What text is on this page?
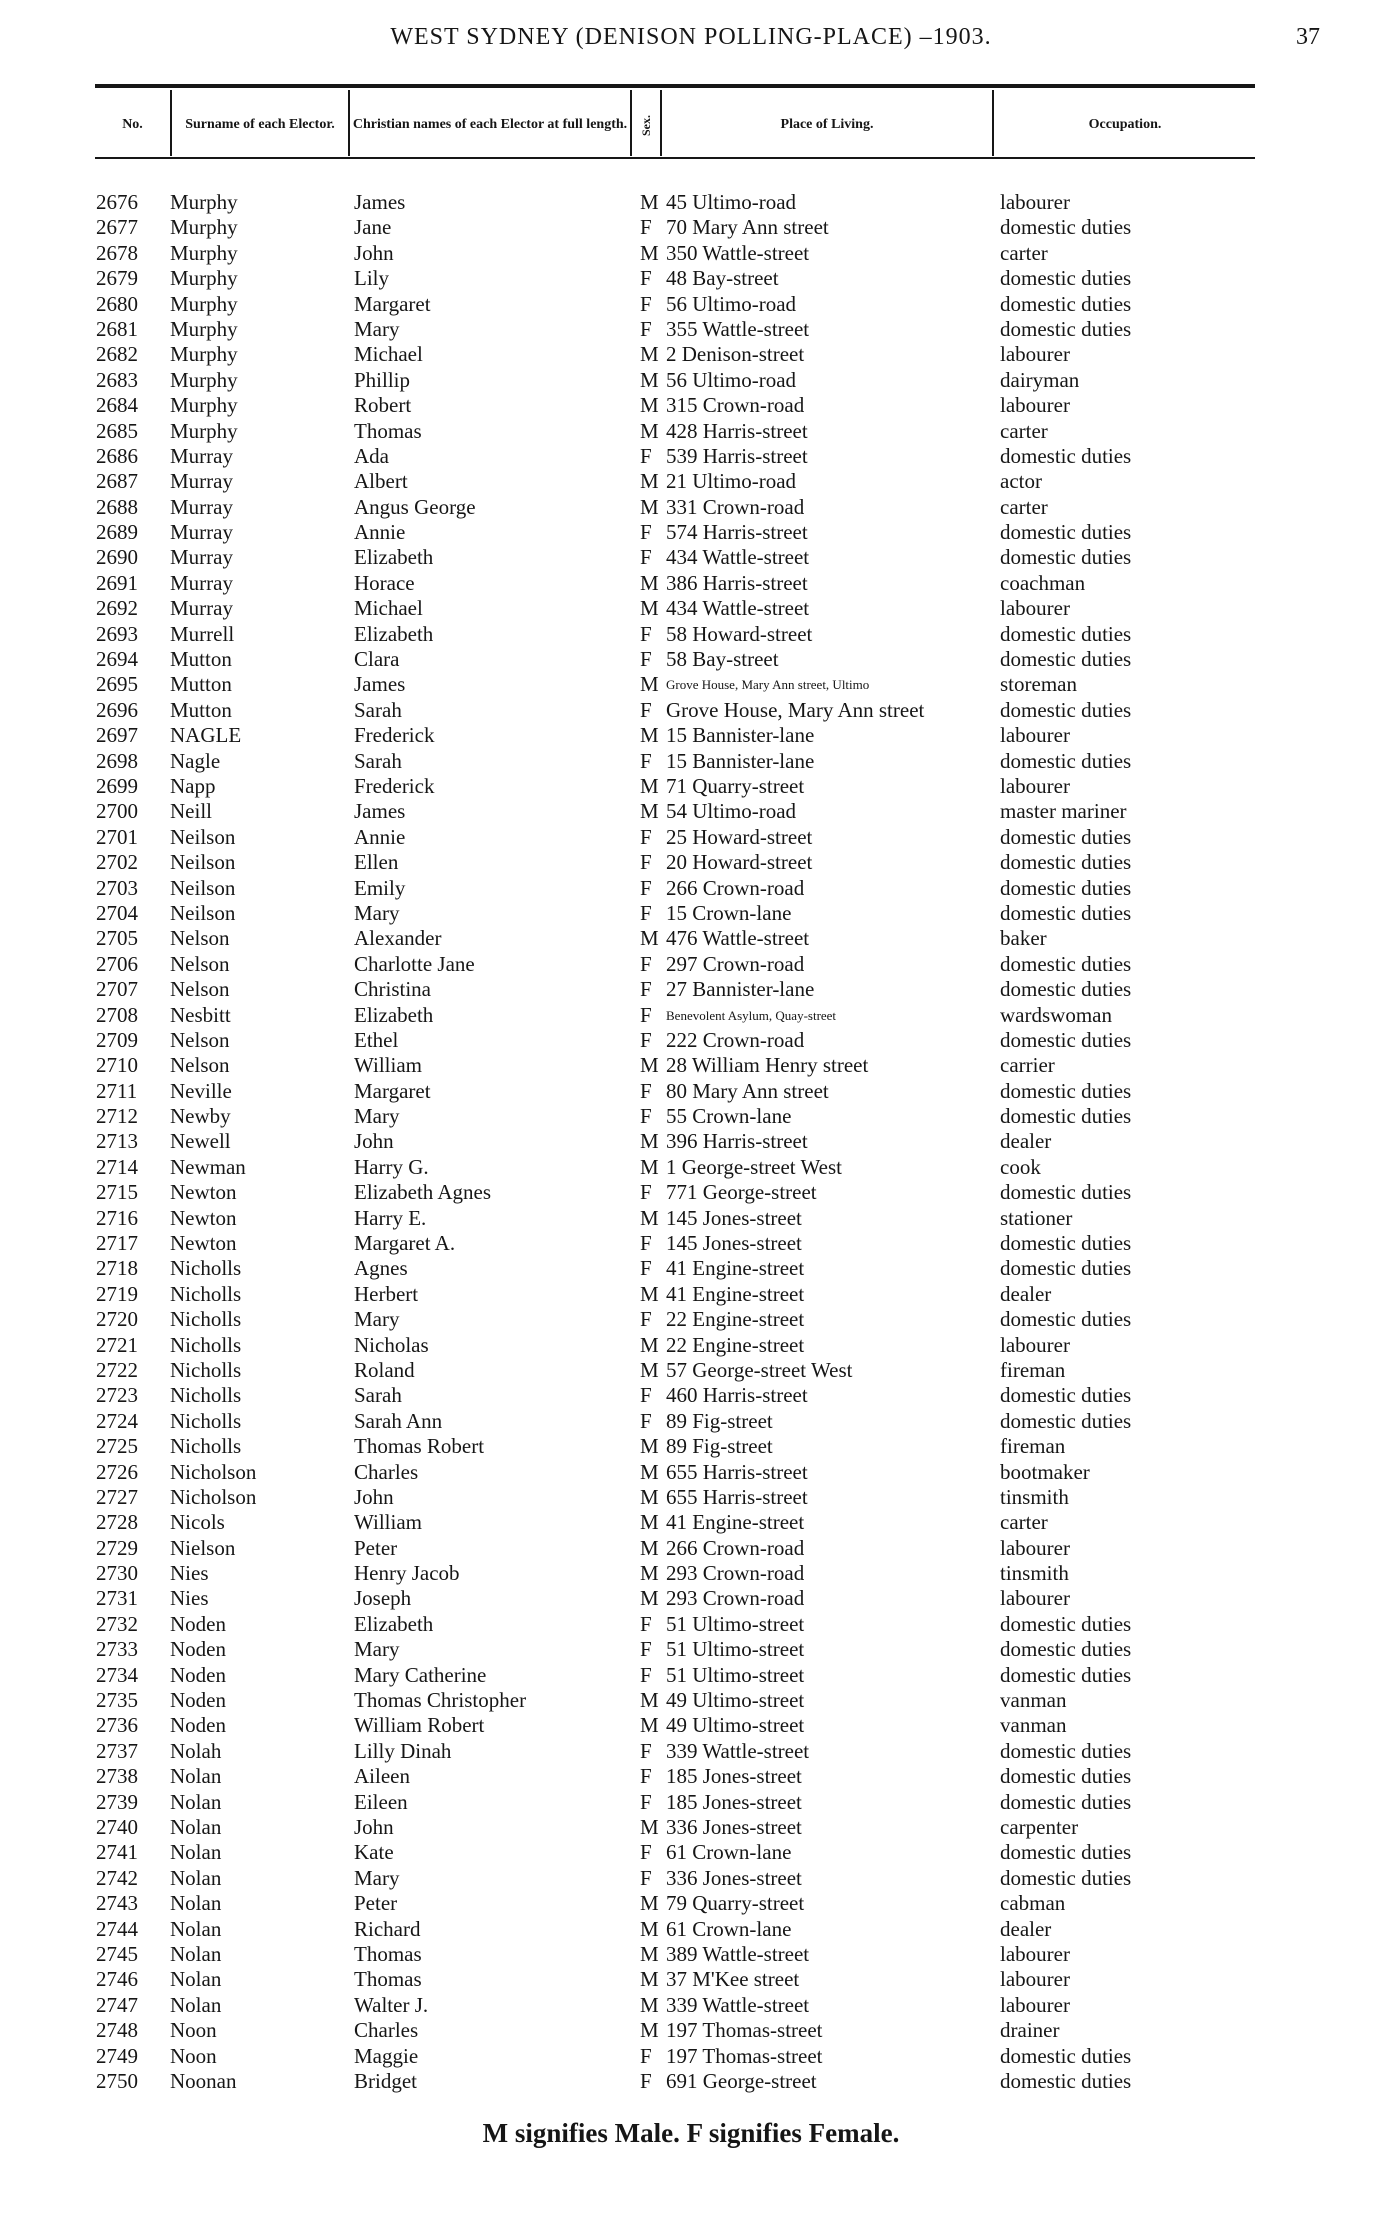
WEST SYDNEY (DENISON POLLING-PLACE) –1903.	37
No.	Surname of each Elector.	Christian names of each Elector at full length. Sex.	Place of Living.	Occupation.
2676 Murphy	James	M 45 Ultimo-road	labourer
2677 Murphy	Jane	F 70 Mary Ann street	domestic duties
2678 Murphy	John	M 350 Wattle-street	carter
2679 Murphy	Lily	F 48 Bay-street	domestic duties
2680 Murphy	Margaret	F 56 Ultimo-road	domestic duties
2681 Murphy	Mary	F 355 Wattle-street	domestic duties
2682 Murphy	Michael	M 2 Denison-street	labourer
2683 Murphy	Phillip	M 56 Ultimo-road	dairyman
2684 Murphy	Robert	M 315 Crown-road	labourer
2685 Murphy	Thomas	M 428 Harris-street	carter
2686 Murray	Ada	F 539 Harris-street	domestic duties
2687 Murray	Albert	M 21 Ultimo-road	actor
2688 Murray	Angus George	M 331 Crown-road	carter
2689 Murray	Annie	F 574 Harris-street	domestic duties
2690 Murray	Elizabeth	F 434 Wattle-street	domestic duties
2691 Murray	Horace	M 386 Harris-street	coachman
2692 Murray	Michael	M 434 Wattle-street	labourer
2693 Murrell	Elizabeth	F 58 Howard-street	domestic duties
2694 Mutton	Clara	F 58 Bay-street	domestic duties
2695 Mutton	James	M Grove House, Mary Ann street, Ultimo	storeman
2696 Mutton	Sarah	F Grove House, Mary Ann street	domestic duties
2697 NAGLE	Frederick	M 15 Bannister-lane	labourer
2698 Nagle	Sarah	F 15 Bannister-lane	domestic duties
2699 Napp	Frederick	M 71 Quarry-street	labourer
2700 Neill	James	M 54 Ultimo-road	master mariner
2701 Neilson	Annie	F 25 Howard-street	domestic duties
2702 Neilson	Ellen	F 20 Howard-street	domestic duties
2703 Neilson	Emily	F 266 Crown-road	domestic duties
2704 Neilson	Mary	F 15 Crown-lane	domestic duties
2705 Nelson	Alexander	M 476 Wattle-street	baker
2706 Nelson	Charlotte Jane	F 297 Crown-road	domestic duties
2707 Nelson	Christina	F 27 Bannister-lane	domestic duties
2708 Nesbitt	Elizabeth	F Benevolent Asylum, Quay-street	wardswoman
2709 Nelson	Ethel	F 222 Crown-road	domestic duties
2710 Nelson	William	M 28 William Henry street	carrier
2711 Neville	Margaret	F 80 Mary Ann street	domestic duties
2712 Newby	Mary	F 55 Crown-lane	domestic duties
2713 Newell	John	M 396 Harris-street	dealer
2714 Newman	Harry G.	M 1 George-street West	cook
2715 Newton	Elizabeth Agnes	F 771 George-street	domestic duties
2716 Newton	Harry E.	M 145 Jones-street	stationer
2717 Newton	Margaret A.	F 145 Jones-street	domestic duties
2718 Nicholls	Agnes	F 41 Engine-street	domestic duties
2719 Nicholls	Herbert	M 41 Engine-street	dealer
2720 Nicholls	Mary	F 22 Engine-street	domestic duties
2721 Nicholls	Nicholas	M 22 Engine-street	labourer
2722 Nicholls	Roland	M 57 George-street West	fireman
2723 Nicholls	Sarah	F 460 Harris-street	domestic duties
2724 Nicholls	Sarah Ann	F 89 Fig-street	domestic duties
2725 Nicholls	Thomas Robert	M 89 Fig-street	fireman
2726 Nicholson	Charles	M 655 Harris-street	bootmaker
2727 Nicholson	John	M 655 Harris-street	tinsmith
2728 Nicols	William	M 41 Engine-street	carter
2729 Nielson	Peter	M 266 Crown-road	labourer
2730 Nies	Henry Jacob	M 293 Crown-road	tinsmith
2731 Nies	Joseph	M 293 Crown-road	labourer
2732 Noden	Elizabeth	F 51 Ultimo-street	domestic duties
2733 Noden	Mary	F 51 Ultimo-street	domestic duties
2734 Noden	Mary Catherine	F 51 Ultimo-street	domestic duties
2735 Noden	Thomas Christopher	M 49 Ultimo-street	vanman
2736 Noden	William Robert	M 49 Ultimo-street	vanman
2737 Nolah	Lilly Dinah	F 339 Wattle-street	domestic duties
2738 Nolan	Aileen	F 185 Jones-street	domestic duties
2739 Nolan	Eileen	F 185 Jones-street	domestic duties
2740 Nolan	John	M 336 Jones-street	carpenter
2741 Nolan	Kate	F 61 Crown-lane	domestic duties
2742 Nolan	Mary	F 336 Jones-street	domestic duties
2743 Nolan	Peter	M 79 Quarry-street	cabman
2744 Nolan	Richard	M 61 Crown-lane	dealer
2745 Nolan	Thomas	M 389 Wattle-street	labourer
2746 Nolan	Thomas	M 37 M'Kee street	labourer
2747 Nolan	Walter J.	M 339 Wattle-street	labourer
2748 Noon	Charles	M 197 Thomas-street	drainer
2749 Noon	Maggie	F 197 Thomas-street	domestic duties
2750 Noonan	Bridget	F 691 George-street	domestic duties
M signifies Male. F signifies Female.
